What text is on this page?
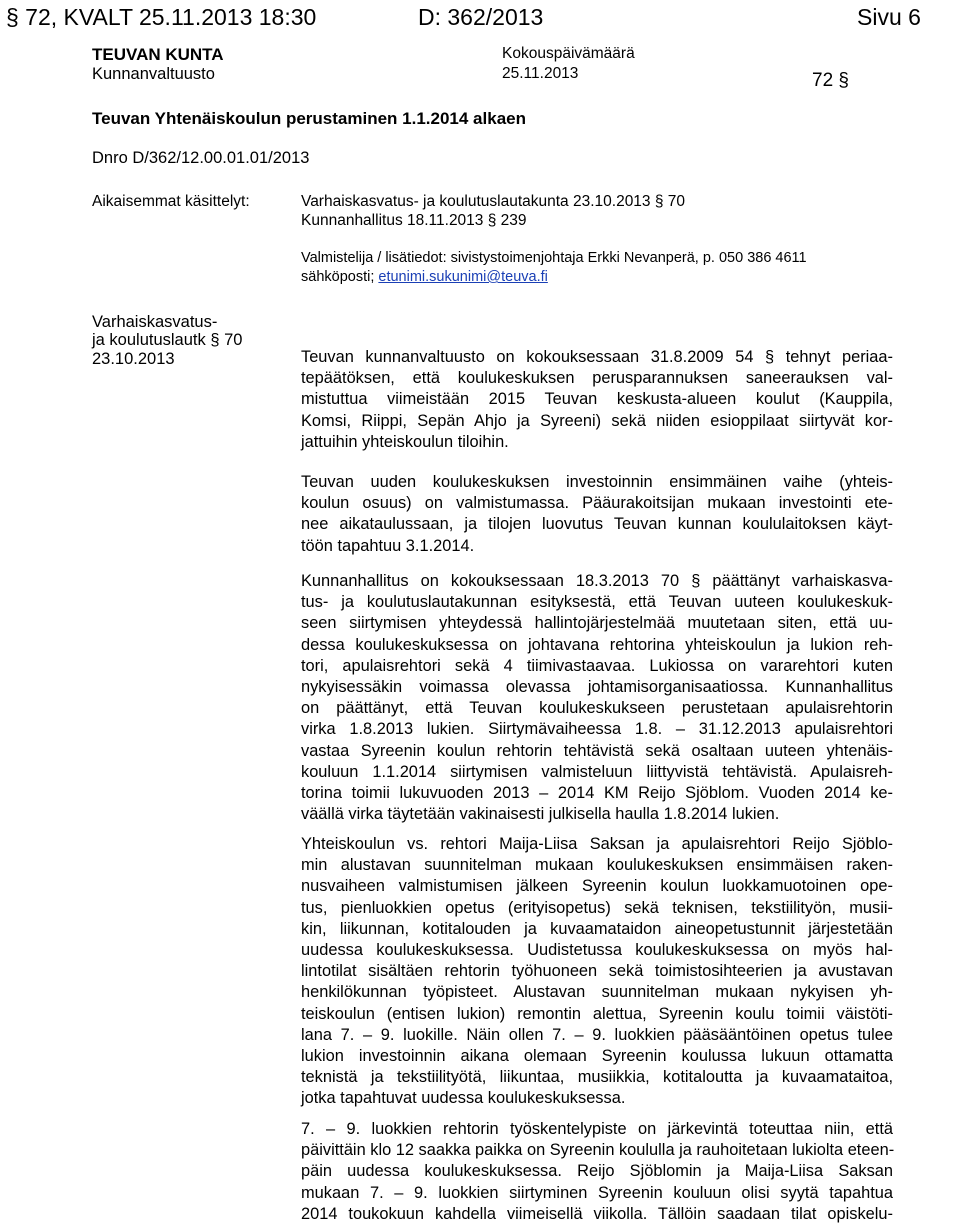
§ 72, KVALT 25.11.2013 18:30	D: 362/2013	Sivu 6
TEUVAN KUNTA
Kunnanvaltuusto
Kokouspäivämäärä
25.11.2013	72 §
Teuvan Yhtenäiskoulun perustaminen 1.1.2014 alkaen
Dnro D/362/12.00.01.01/2013
Aikaisemmat käsittelyt:	Varhaiskasvatus- ja koulutuslautakunta 23.10.2013 § 70
Kunnanhallitus 18.11.2013 § 239
Valmistelija / lisätiedot: sivistystoimenjohtaja Erkki Nevanperä, p. 050 386 4611
sähköposti; etunimi.sukunimi@teuva.fi
Varhaiskasvatus-
ja koulutuslautk § 70
23.10.2013	Teuvan kunnanvaltuusto on kokouksessaan 31.8.2009 54 § tehnyt periaa-
tepäätöksen, että koulukeskuksen perusparannuksen saneerauksen val-
mistuttua viimeistään 2015 Teuvan keskusta-alueen koulut (Kauppila,
Komsi, Riippi, Sepän Ahjo ja Syreeni) sekä niiden esioppilaat siirtyvät kor-
jattuihin yhteiskoulun tiloihin.
Teuvan uuden koulukeskuksen investoinnin ensimmäinen vaihe (yhteis-
koulun osuus) on valmistumassa. Pääurakoitsijan mukaan investointi ete-
nee aikataulussaan, ja tilojen luovutus Teuvan kunnan koululaitoksen käyt-
töön tapahtuu 3.1.2014.
Kunnanhallitus on kokouksessaan 18.3.2013 70 § päättänyt varhaiskasva-
tus- ja koulutuslautakunnan esityksestä, että Teuvan uuteen koulukeskuk-
seen siirtymisen yhteydessä hallintojärjestelmää muutetaan siten, että uu-
dessa koulukeskuksessa on johtavana rehtorina yhteiskoulun ja lukion reh-
tori, apulaisrehtori sekä 4 tiimivastaavaa. Lukiossa on vararehtori kuten
nykyisessäkin voimassa olevassa johtamisorganisaatiossa. Kunnanhallitus
on päättänyt, että Teuvan koulukeskukseen perustetaan apulaisrehtorin
virka 1.8.2013 lukien. Siirtymävaiheessa 1.8. – 31.12.2013 apulaisrehtori
vastaa Syreenin koulun rehtorin tehtävistä sekä osaltaan uuteen yhtenäis-
kouluun 1.1.2014 siirtymisen valmisteluun liittyvistä tehtävistä. Apulaisreh-
torina toimii lukuvuoden 2013 – 2014 KM Reijo Sjöblom. Vuoden 2014 ke-
väällä virka täytetään vakinaisesti julkisella haulla 1.8.2014 lukien.
Yhteiskoulun vs. rehtori Maija-Liisa Saksan ja apulaisrehtori Reijo Sjöblo-
min alustavan suunnitelman mukaan koulukeskuksen ensimmäisen raken-
nusvaiheen valmistumisen jälkeen Syreenin koulun luokkamuotoinen ope-
tus, pienluokkien opetus (erityisopetus) sekä teknisen, tekstiilityön, musii-
kin, liikunnan, kotitalouden ja kuvaamataidon aineopetustunnit järjestetään
uudessa koulukeskuksessa. Uudistetussa koulukeskuksessa on myös hal-
lintotilat sisältäen rehtorin työhuoneen sekä toimistosihteerien ja avustavan
henkilökunnan työpisteet. Alustavan suunnitelman mukaan nykyisen yh-
teiskoulun (entisen lukion) remontin alettua, Syreenin koulu toimii väistöti-
lana 7. – 9. luokille. Näin ollen 7. – 9. luokkien pääsääntöinen opetus tulee
lukion investoinnin aikana olemaan Syreenin koulussa lukuun ottamatta
teknistä ja tekstiilityötä, liikuntaa, musiikkia, kotitaloutta ja kuvaamataitoa,
jotka tapahtuvat uudessa koulukeskuksessa.
7. – 9. luokkien rehtorin työskentelypiste on järkevintä toteuttaa niin, että
päivittäin klo 12 saakka paikka on Syreenin koululla ja rauhoitetaan lukiolta eteen-
päin uudessa koulukeskuksessa. Reijo Sjöblomin ja Maija-Liisa Saksan
mukaan 7. – 9. luokkien siirtyminen Syreenin kouluun olisi syytä tapahtua
2014 toukokuun kahdella viimeisellä viikolla. Tällöin saadaan tilat opiskelu-
